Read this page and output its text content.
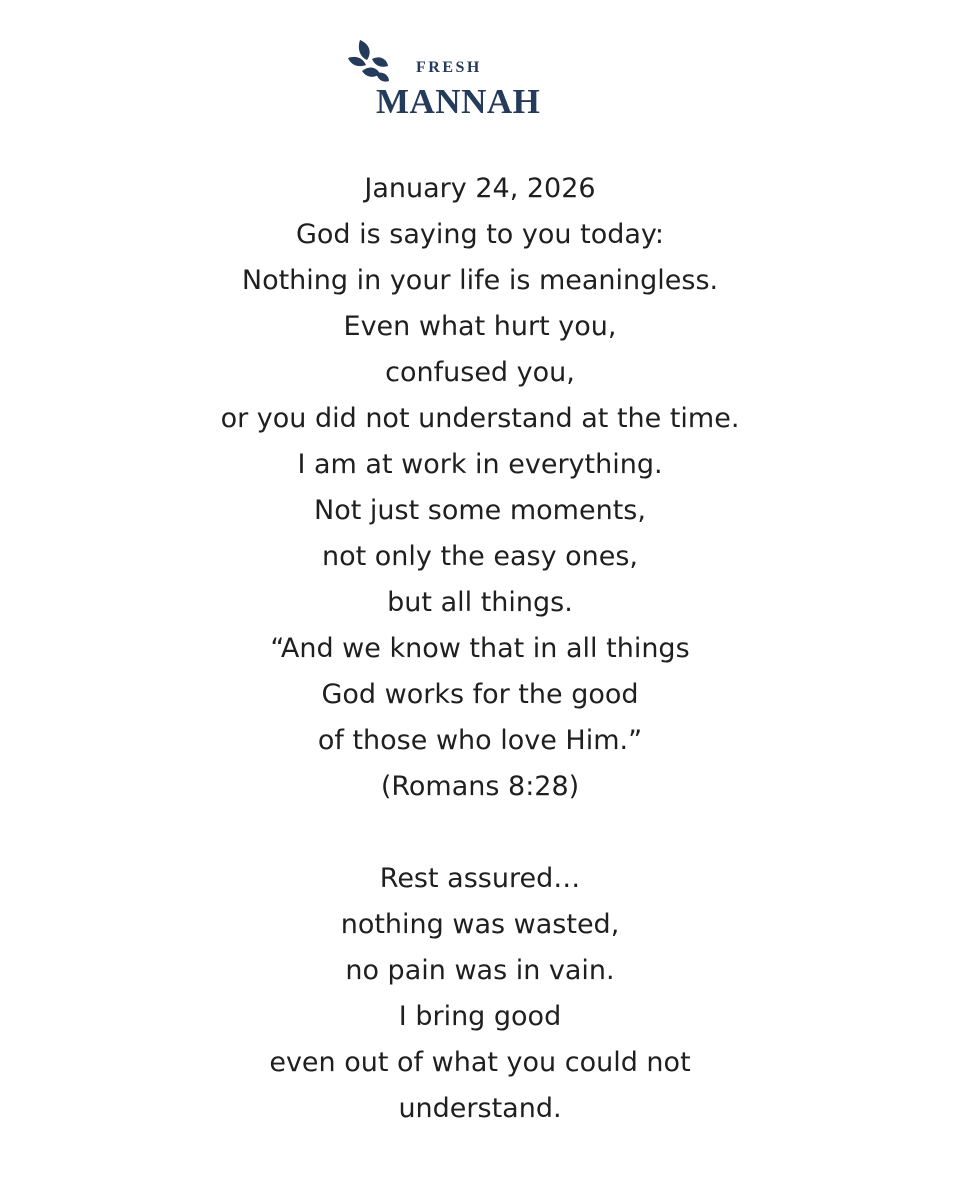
FRESH
MANNAH
January 24, 2026
God is saying to you today:
Nothing in your life is meaningless.
Even what hurt you,
confused you,
or you did not understand at the time.
I am at work in everything.
Not just some moments,
not only the easy ones,
but all things.
“And we know that in all things
God works for the good
of those who love Him.”
(Romans 8:28)
Rest assured…
nothing was wasted,
no pain was in vain.
I bring good
even out of what you could not
understand.
